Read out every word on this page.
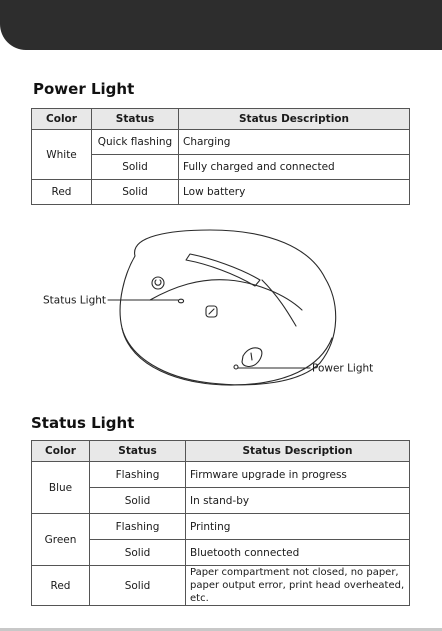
Power Light
Color	Status	Status Description
White	Quick flashing	Charging
	Solid	Fully charged and connected
Red	Solid	Low battery
Status Light
Power Light
Status Light
Color	Status	Status Description
Blue	Flashing	Firmware upgrade in progress
	Solid	In stand-by
Green	Flashing	Printing
	Solid	Bluetooth connected
Red	Solid	Paper compartment not closed, no paper, paper output error, print head overheated, etc.
